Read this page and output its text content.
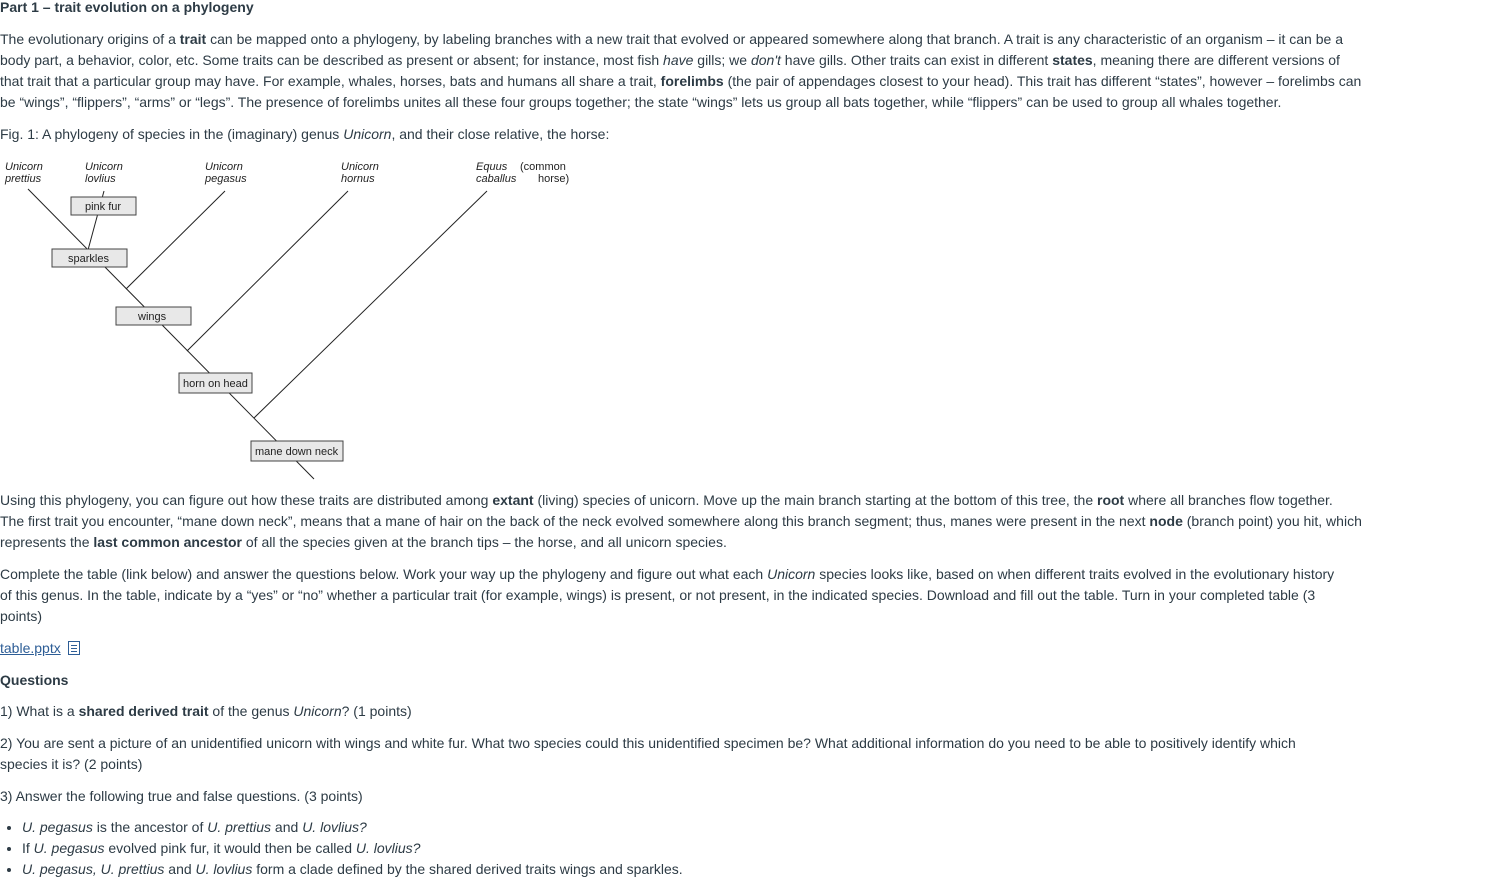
Part 1 – trait evolution on a phylogeny

The evolutionary origins of a trait can be mapped onto a phylogeny, by labeling branches with a new trait that evolved or appeared somewhere along that branch. A trait is any characteristic of an organism – it can be a

body part, a behavior, color, etc. Some traits can be described as present or absent; for instance, most fish have gills; we don't have gills. Other traits can exist in different states, meaning there are different versions of

that trait that a particular group may have. For example, whales, horses, bats and humans all share a trait, forelimbs (the pair of appendages closest to your head). This trait has different “states”, however – forelimbs can

be “wings”, “flippers”, “arms” or “legs”. The presence of forelimbs unites all these four groups together; the state “wings” lets us group all bats together, while “flippers” can be used to group all whales together.

Fig. 1: A phylogeny of species in the (imaginary) genus Unicorn, and their close relative, the horse:

Unicorn
prettius
Unicorn
lovlius
Unicorn
pegasus
Unicorn
hornus
Equus (common
caballus horse)
pink fur
sparkles
wings
horn on head
mane down neck

Using this phylogeny, you can figure out how these traits are distributed among extant (living) species of unicorn. Move up the main branch starting at the bottom of this tree, the root where all branches flow together.

The first trait you encounter, “mane down neck”, means that a mane of hair on the back of the neck evolved somewhere along this branch segment; thus, manes were present in the next node (branch point) you hit, which

represents the last common ancestor of all the species given at the branch tips – the horse, and all unicorn species.

Complete the table (link below) and answer the questions below. Work your way up the phylogeny and figure out what each Unicorn species looks like, based on when different traits evolved in the evolutionary history

of this genus. In the table, indicate by a “yes” or “no” whether a particular trait (for example, wings) is present, or not present, in the indicated species. Download and fill out the table. Turn in your completed table (3

points)

table.pptx

Questions

1) What is a shared derived trait of the genus Unicorn? (1 points)

2) You are sent a picture of an unidentified unicorn with wings and white fur. What two species could this unidentified specimen be? What additional information do you need to be able to positively identify which

species it is? (2 points)

3) Answer the following true and false questions. (3 points)

• U. pegasus is the ancestor of U. prettius and U. lovlius?
• If U. pegasus evolved pink fur, it would then be called U. lovlius?
• U. pegasus, U. prettius and U. lovlius form a clade defined by the shared derived traits wings and sparkles.
